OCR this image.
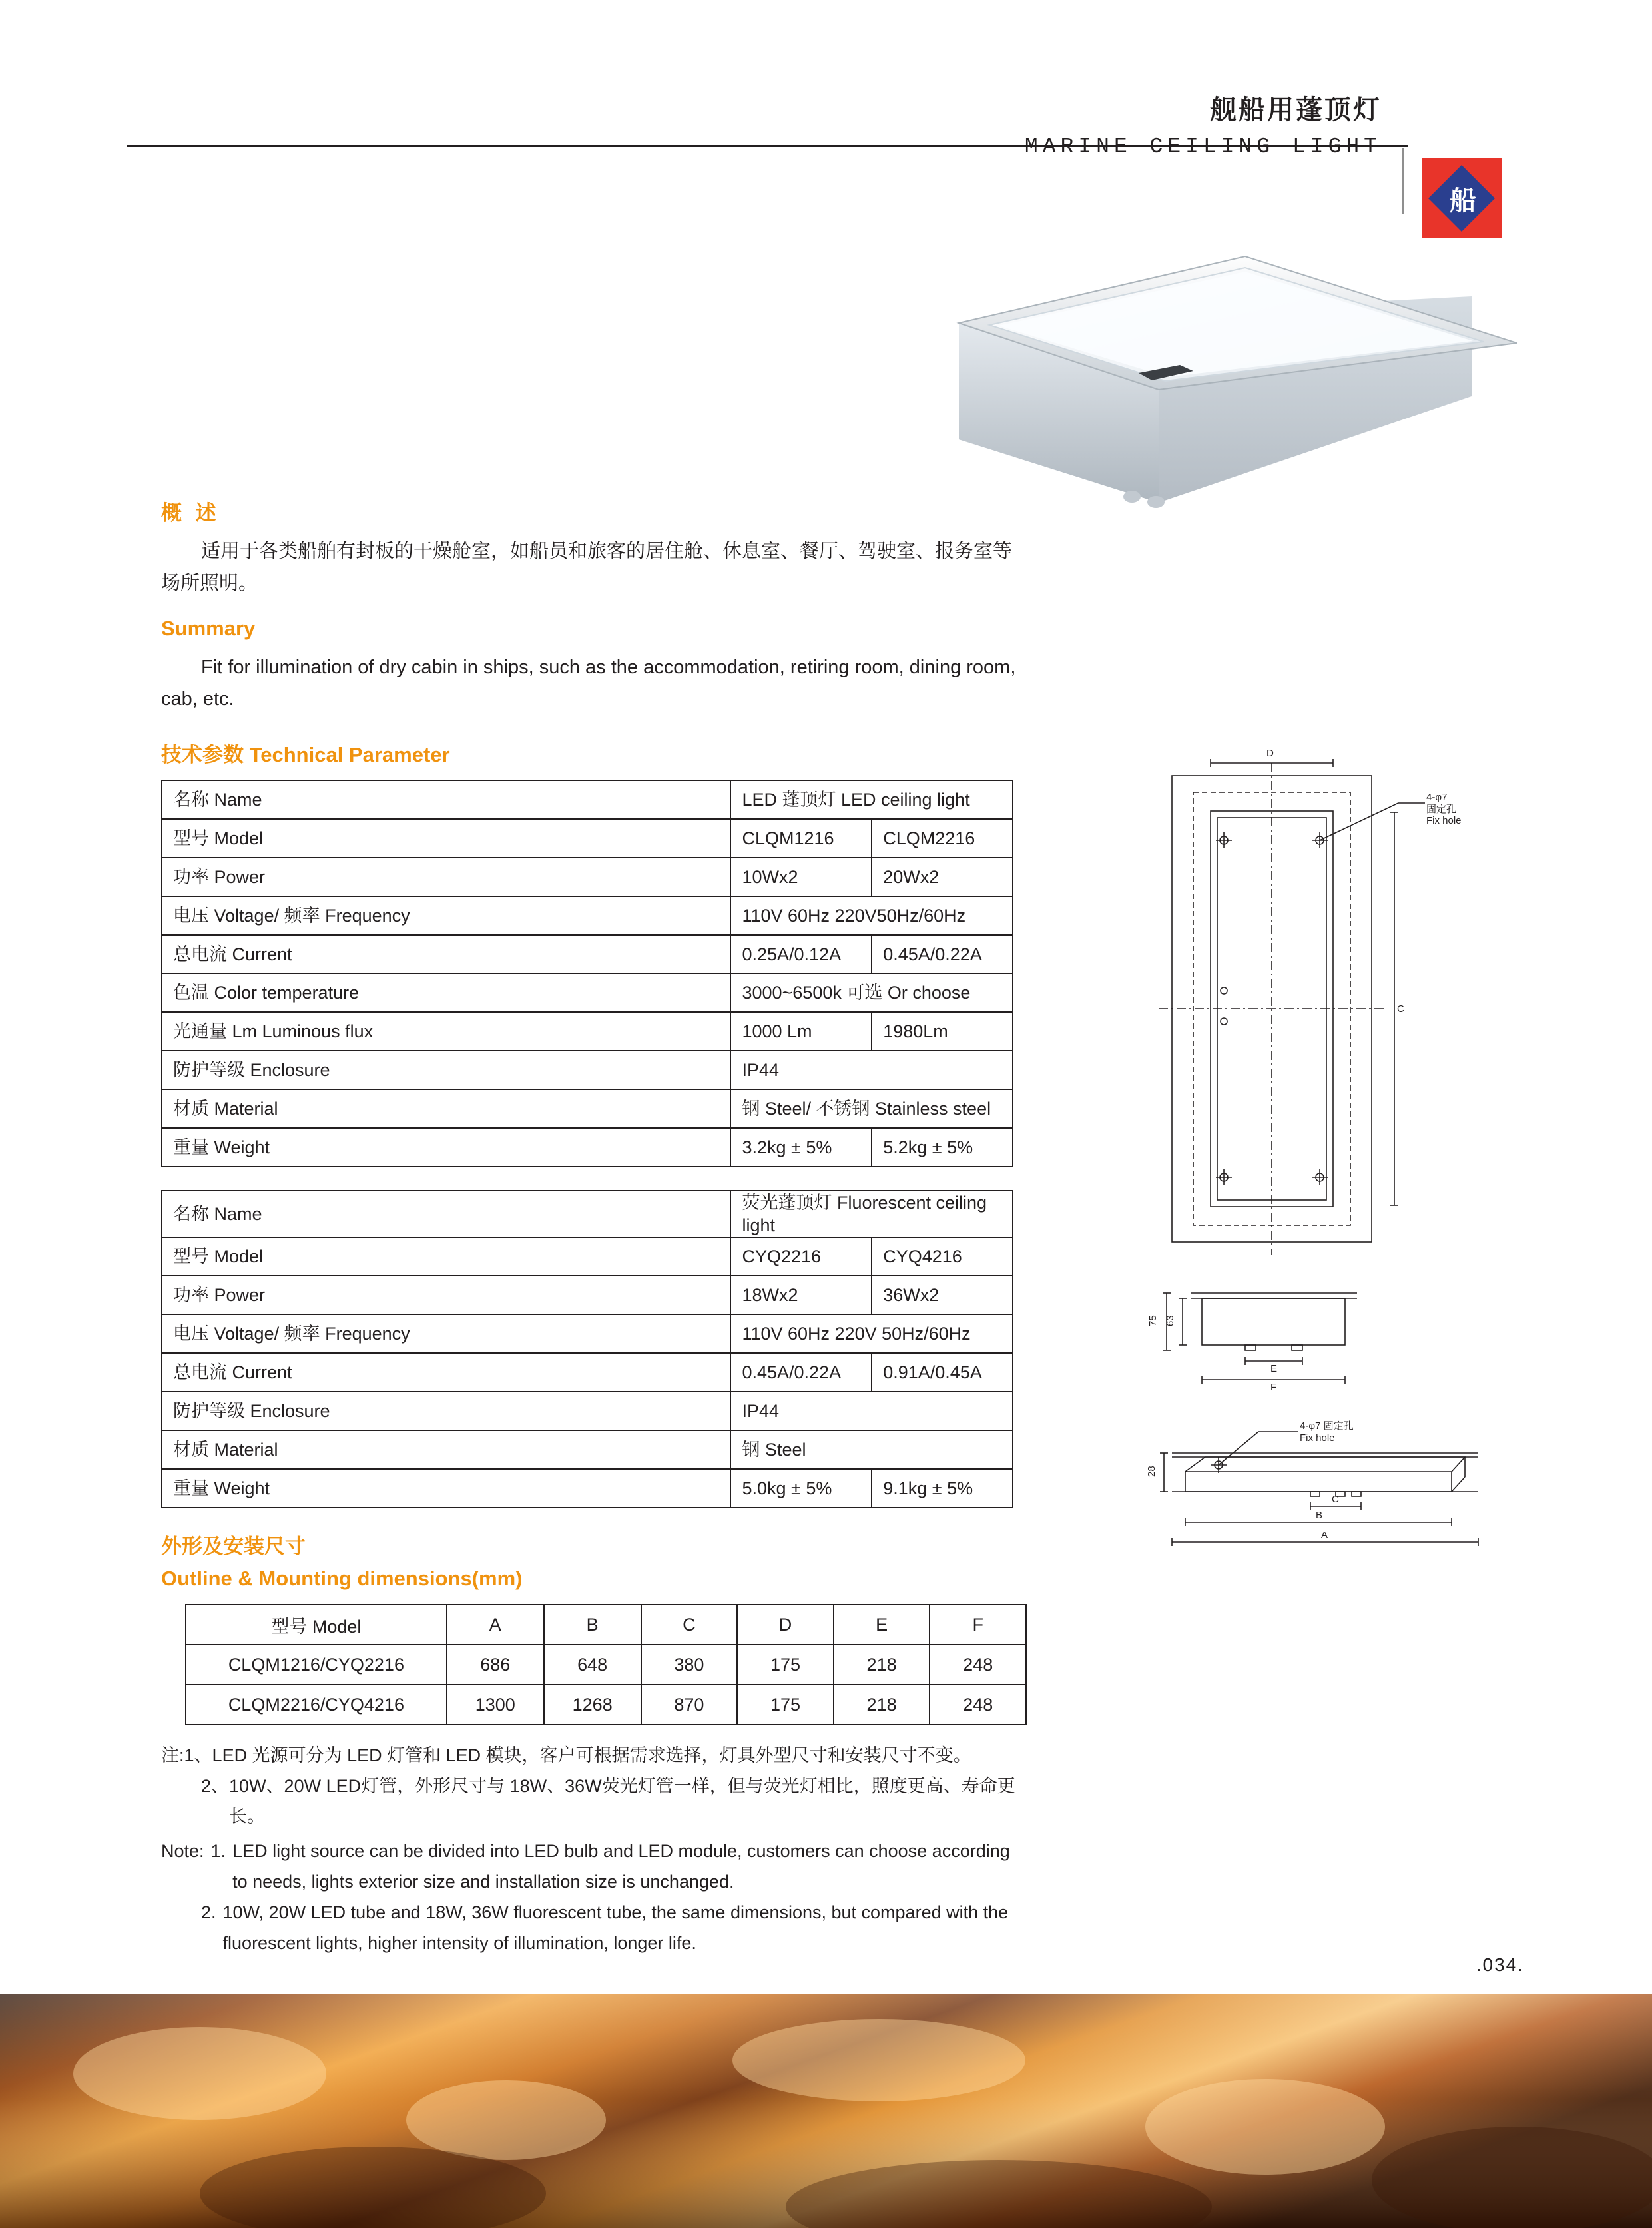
舰船用蓬顶灯
MARINE CEILING LIGHT
船
概 述

适用于各类船舶有封板的干燥舱室，如船员和旅客的居住舱、休息室、餐厅、驾驶室、报务室等场所照明。

Summary

Fit for illumination of dry cabin in ships, such as the accommodation, retiring room, dining room, cab, etc.

技术参数 Technical Parameter
名称 Name	LED 蓬顶灯 LED ceiling light	
型号 Model	CLQM1216	CLQM2216
功率 Power	10Wx2	20Wx2
电压 Voltage/ 频率 Frequency	110V 60Hz 220V50Hz/60Hz	
总电流 Current	0.25A/0.12A	0.45A/0.22A
色温 Color temperature	3000~6500k 可选 Or choose	
光通量 Lm Luminous flux	1000 Lm	1980Lm
防护等级 Enclosure	IP44	
材质 Material	钢 Steel/ 不锈钢 Stainless steel	
重量 Weight	3.2kg ± 5%	5.2kg ± 5%
名称 Name	荧光蓬顶灯 Fluorescent ceiling light	
型号 Model	CYQ2216	CYQ4216
功率 Power	18Wx2	36Wx2
电压 Voltage/ 频率 Frequency	110V 60Hz 220V 50Hz/60Hz	
总电流 Current	0.45A/0.22A	0.91A/0.45A
防护等级 Enclosure	IP44	
材质 Material	钢 Steel	
重量 Weight	5.0kg ± 5%	9.1kg ± 5%
外形及安装尺寸
Outline & Mounting dimensions(mm)
型号 Model	A	B	C	D	E	F
CLQM1216/CYQ2216	686	648	380	175	218	248
CLQM2216/CYQ4216	1300	1268	870	175	218	248
注: 1、 LED 光源可分为 LED 灯管和 LED 模块，客户可根据需求选择，灯具外型尺寸和安装尺寸不变。
2、 10W、20W LED灯管，外形尺寸与 18W、36W荧光灯管一样，但与荧光灯相比，照度更高、寿命更长。
Note: 1. LED light source can be divided into LED bulb and LED module, customers can choose according to needs, lights exterior size and installation size is unchanged.
2. 10W, 20W LED tube and 18W, 36W fluorescent tube, the same dimensions, but compared with the fluorescent lights, higher intensity of illumination, longer life.
4-φ7
固定孔
Fix hole
D
C
75 63
E
F
4-φ7 固定孔
Fix hole
28
C
B
A
.034.
